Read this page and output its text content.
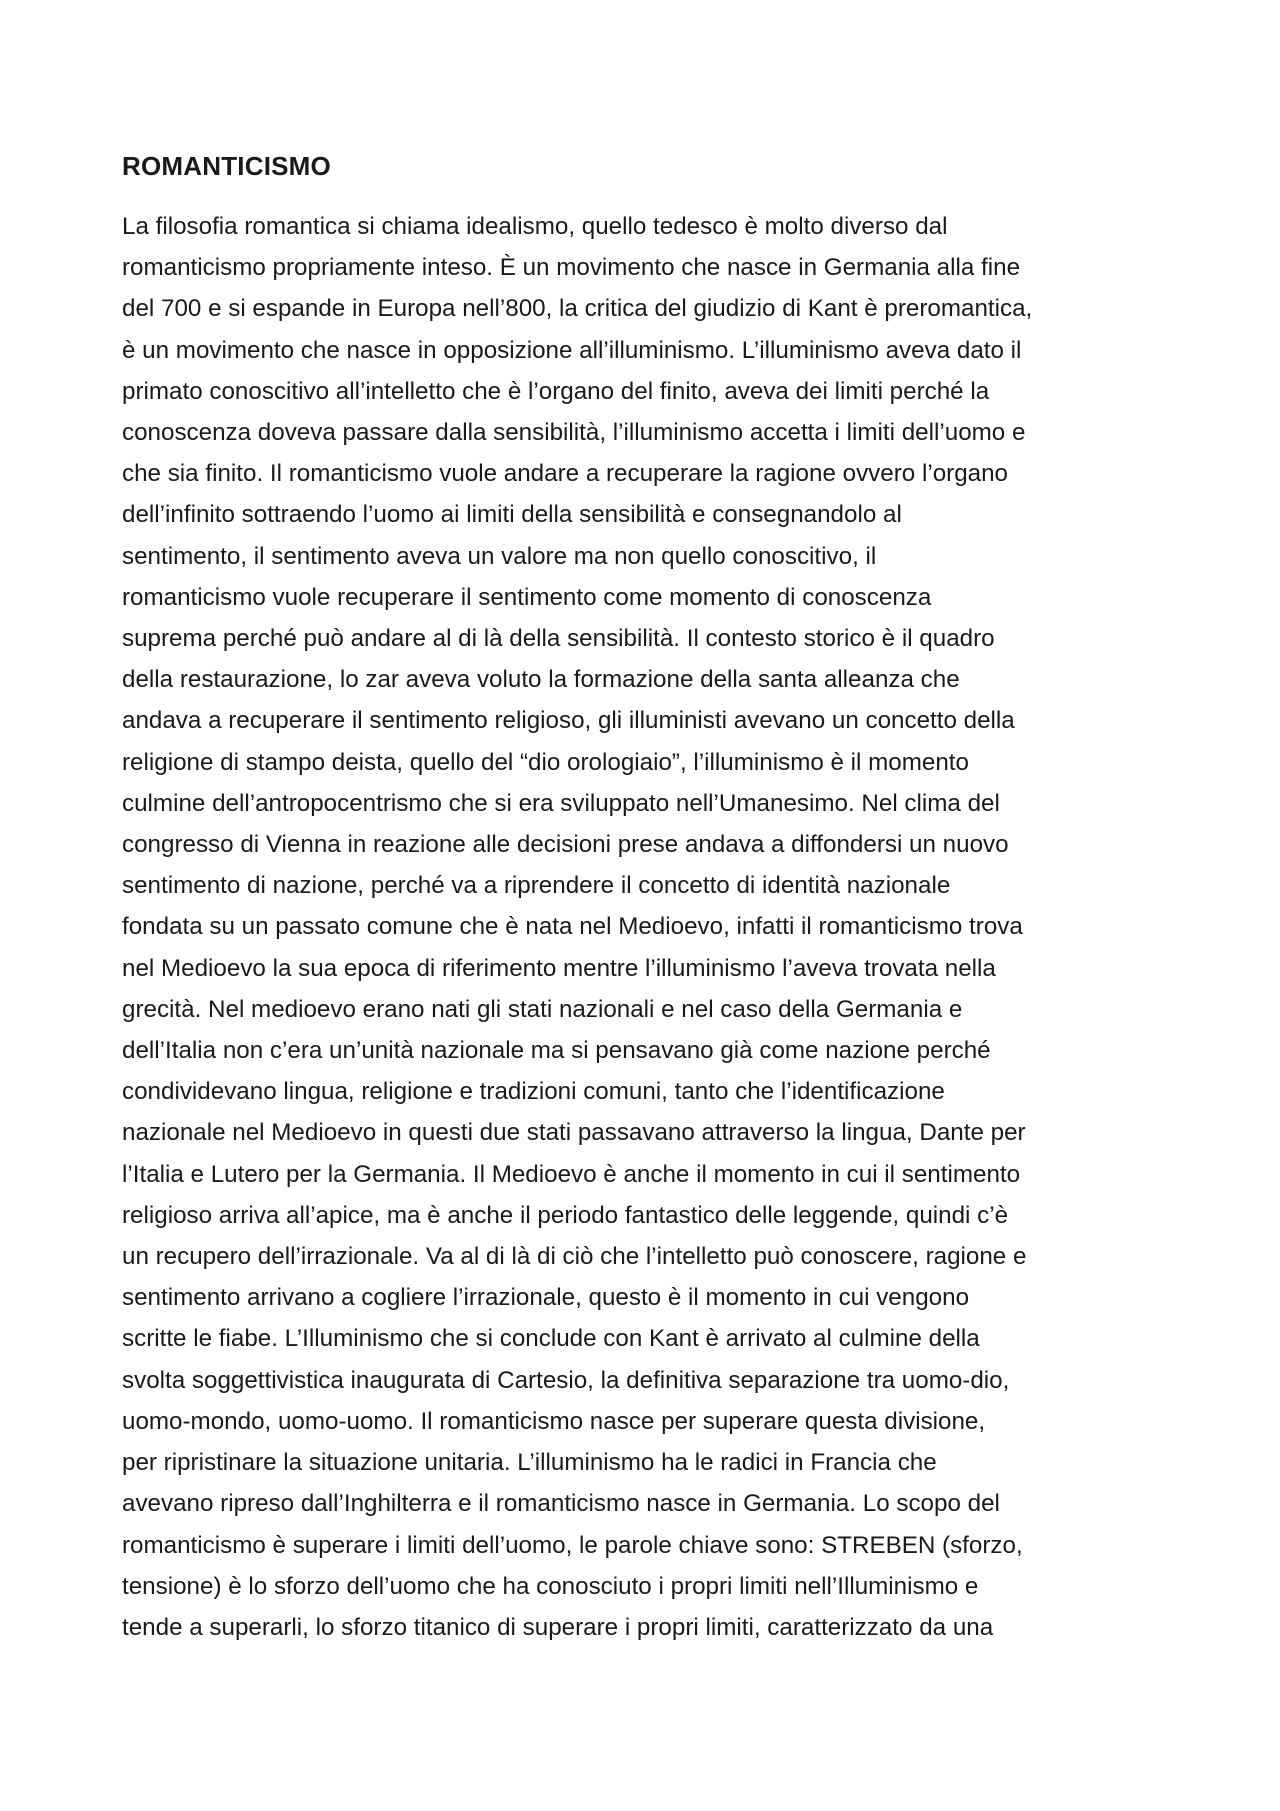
ROMANTICISMO
La filosofia romantica si chiama idealismo, quello tedesco è molto diverso dal
romanticismo propriamente inteso. È un movimento che nasce in Germania alla fine
del 700 e si espande in Europa nell’800, la critica del giudizio di Kant è preromantica,
è un movimento che nasce in opposizione all’illuminismo. L’illuminismo aveva dato il
primato conoscitivo all’intelletto che è l’organo del finito, aveva dei limiti perché la
conoscenza doveva passare dalla sensibilità, l’illuminismo accetta i limiti dell’uomo e
che sia finito. Il romanticismo vuole andare a recuperare la ragione ovvero l’organo
dell’infinito sottraendo l’uomo ai limiti della sensibilità e consegnandolo al
sentimento, il sentimento aveva un valore ma non quello conoscitivo, il
romanticismo vuole recuperare il sentimento come momento di conoscenza
suprema perché può andare al di là della sensibilità. Il contesto storico è il quadro
della restaurazione, lo zar aveva voluto la formazione della santa alleanza che
andava a recuperare il sentimento religioso, gli illuministi avevano un concetto della
religione di stampo deista, quello del “dio orologiaio”, l’illuminismo è il momento
culmine dell’antropocentrismo che si era sviluppato nell’Umanesimo. Nel clima del
congresso di Vienna in reazione alle decisioni prese andava a diffondersi un nuovo
sentimento di nazione, perché va a riprendere il concetto di identità nazionale
fondata su un passato comune che è nata nel Medioevo, infatti il romanticismo trova
nel Medioevo la sua epoca di riferimento mentre l’illuminismo l’aveva trovata nella
grecità. Nel medioevo erano nati gli stati nazionali e nel caso della Germania e
dell’Italia non c’era un’unità nazionale ma si pensavano già come nazione perché
condividevano lingua, religione e tradizioni comuni, tanto che l’identificazione
nazionale nel Medioevo in questi due stati passavano attraverso la lingua, Dante per
l’Italia e Lutero per la Germania. Il Medioevo è anche il momento in cui il sentimento
religioso arriva all’apice, ma è anche il periodo fantastico delle leggende, quindi c’è
un recupero dell’irrazionale. Va al di là di ciò che l’intelletto può conoscere, ragione e
sentimento arrivano a cogliere l’irrazionale, questo è il momento in cui vengono
scritte le fiabe. L’Illuminismo che si conclude con Kant è arrivato al culmine della
svolta soggettivistica inaugurata di Cartesio, la definitiva separazione tra uomo-dio,
uomo-mondo, uomo-uomo. Il romanticismo nasce per superare questa divisione,
per ripristinare la situazione unitaria. L’illuminismo ha le radici in Francia che
avevano ripreso dall’Inghilterra e il romanticismo nasce in Germania. Lo scopo del
romanticismo è superare i limiti dell’uomo, le parole chiave sono: STREBEN (sforzo,
tensione) è lo sforzo dell’uomo che ha conosciuto i propri limiti nell’Illuminismo e
tende a superarli, lo sforzo titanico di superare i propri limiti, caratterizzato da una
